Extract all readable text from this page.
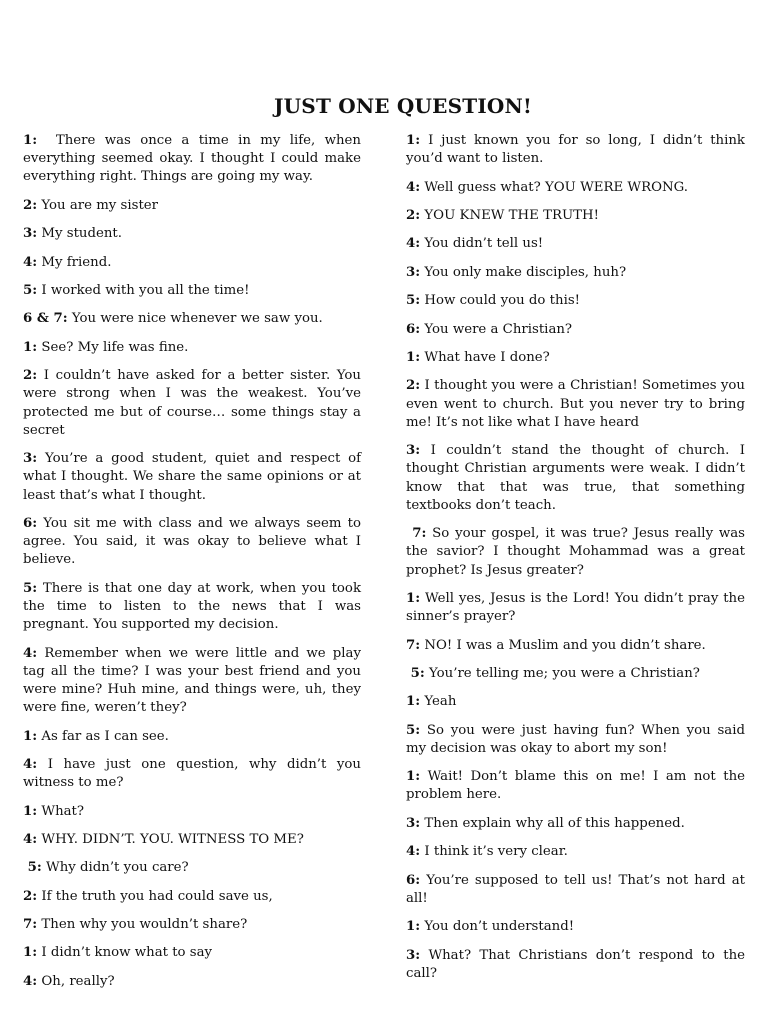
JUST ONE QUESTION!

1:  There was once a time in my life, when everything seemed okay. I thought I could make everything right. Things are going my way.

2: You are my sister

3: My student.

4: My friend.

5: I worked with you all the time!

6 & 7: You were nice whenever we saw you.

1: See? My life was fine.

2: I couldn’t have asked for a better sister. You were strong when I was the weakest. You’ve protected me but of course… some things stay a secret

3: You’re a good student, quiet and respect of what I thought. We share the same opinions or at least that’s what I thought.

6: You sit me with class and we always seem to agree. You said, it was okay to believe what I believe.

5: There is that one day at work, when you took the time to listen to the news that I was pregnant. You supported my decision.

4: Remember when we were little and we play tag all the time? I was your best friend and you were mine? Huh mine, and things were, uh, they were fine, weren’t they?

1: As far as I can see.

4: I have just one question, why didn’t you witness to me?

1: What?

4: WHY. DIDN’T. YOU. WITNESS TO ME?

5: Why didn’t you care?

2: If the truth you had could save us,

7: Then why you wouldn’t share?

1: I didn’t know what to say

4: Oh, really?

1: I just known you for so long, I didn’t think you’d want to listen.

4: Well guess what? YOU WERE WRONG.

2: YOU KNEW THE TRUTH!

4: You didn’t tell us!

3: You only make disciples, huh?

5: How could you do this!

6: You were a Christian?

1: What have I done?

2: I thought you were a Christian! Sometimes you even went to church. But you never try to bring me! It’s not like what I have heard

3: I couldn’t stand the thought of church. I thought Christian arguments were weak. I didn’t know that that was true, that something textbooks don’t teach.

7: So your gospel, it was true? Jesus really was the savior? I thought Mohammad was a great prophet? Is Jesus greater?

1: Well yes, Jesus is the Lord! You didn’t pray the sinner’s prayer?

7: NO! I was a Muslim and you didn’t share.

5: You’re telling me; you were a Christian?

1: Yeah

5: So you were just having fun? When you said my decision was okay to abort my son!

1: Wait! Don’t blame this on me! I am not the problem here.

3: Then explain why all of this happened.

4: I think it’s very clear.

6: You’re supposed to tell us! That’s not hard at all!

1: You don’t understand!

3: What? That Christians don’t respond to the call?
